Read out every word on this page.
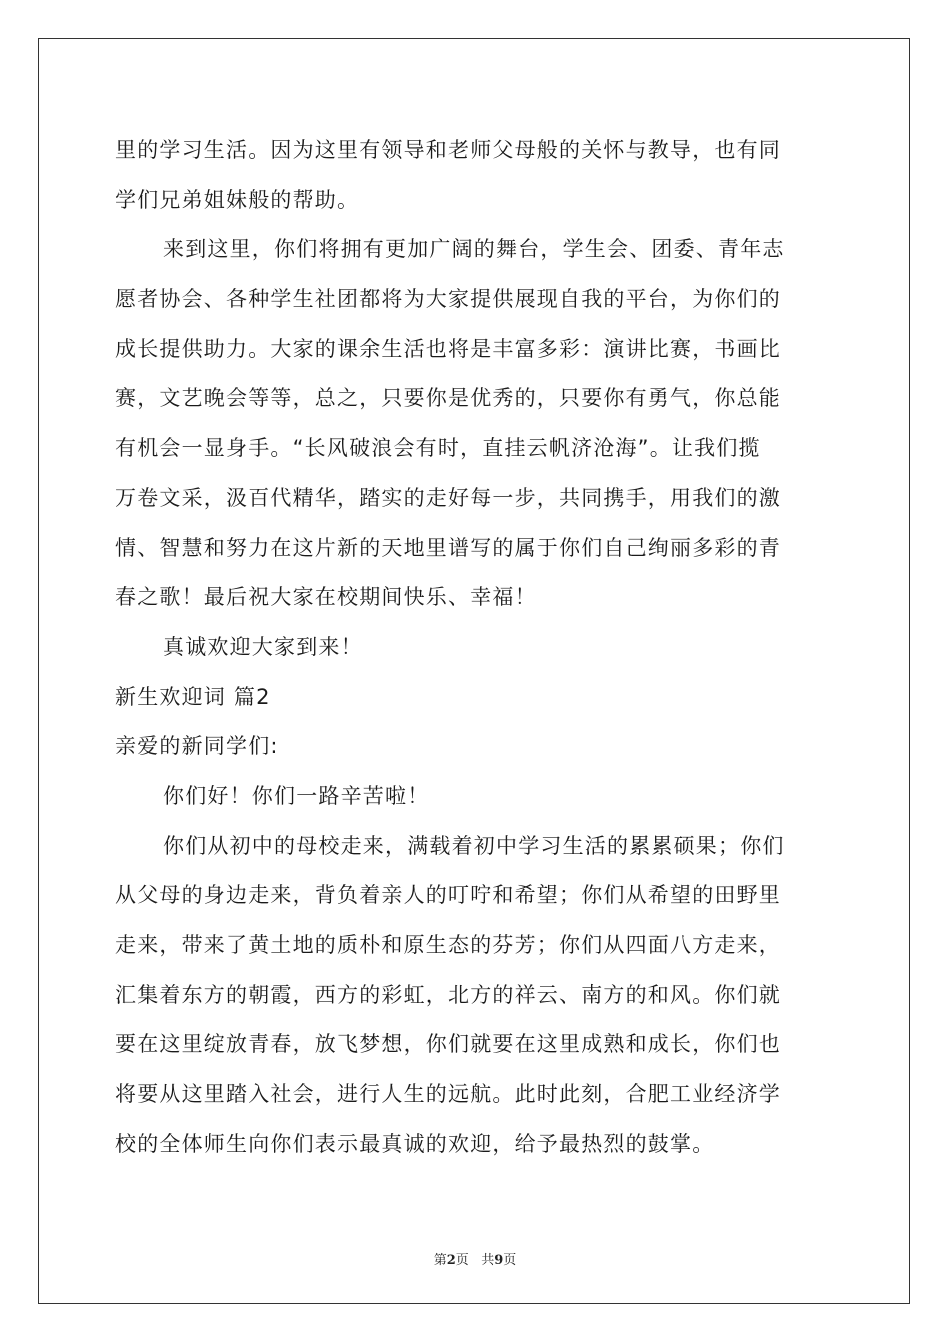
里的学习生活。因为这里有领导和老师父母般的关怀与教导，也有同
学们兄弟姐妹般的帮助。
来到这里，你们将拥有更加广阔的舞台，学生会、团委、青年志
愿者协会、各种学生社团都将为大家提供展现自我的平台，为你们的
成长提供助力。大家的课余生活也将是丰富多彩：演讲比赛，书画比
赛，文艺晚会等等，总之，只要你是优秀的，只要你有勇气，你总能
有机会一显身手。“长风破浪会有时，直挂云帆济沧海”。让我们揽
万卷文采，汲百代精华，踏实的走好每一步，共同携手，用我们的激
情、智慧和努力在这片新的天地里谱写的属于你们自己绚丽多彩的青
春之歌！最后祝大家在校期间快乐、幸福！
真诚欢迎大家到来！
新生欢迎词 篇2
亲爱的新同学们:
你们好！你们一路辛苦啦！
你们从初中的母校走来，满载着初中学习生活的累累硕果；你们
从父母的身边走来，背负着亲人的叮咛和希望；你们从希望的田野里
走来，带来了黄土地的质朴和原生态的芬芳；你们从四面八方走来，
汇集着东方的朝霞，西方的彩虹，北方的祥云、南方的和风。你们就
要在这里绽放青春，放飞梦想，你们就要在这里成熟和成长，你们也
将要从这里踏入社会，进行人生的远航。此时此刻，合肥工业经济学
校的全体师生向你们表示最真诚的欢迎，给予最热烈的鼓掌。
第2页 共9页
